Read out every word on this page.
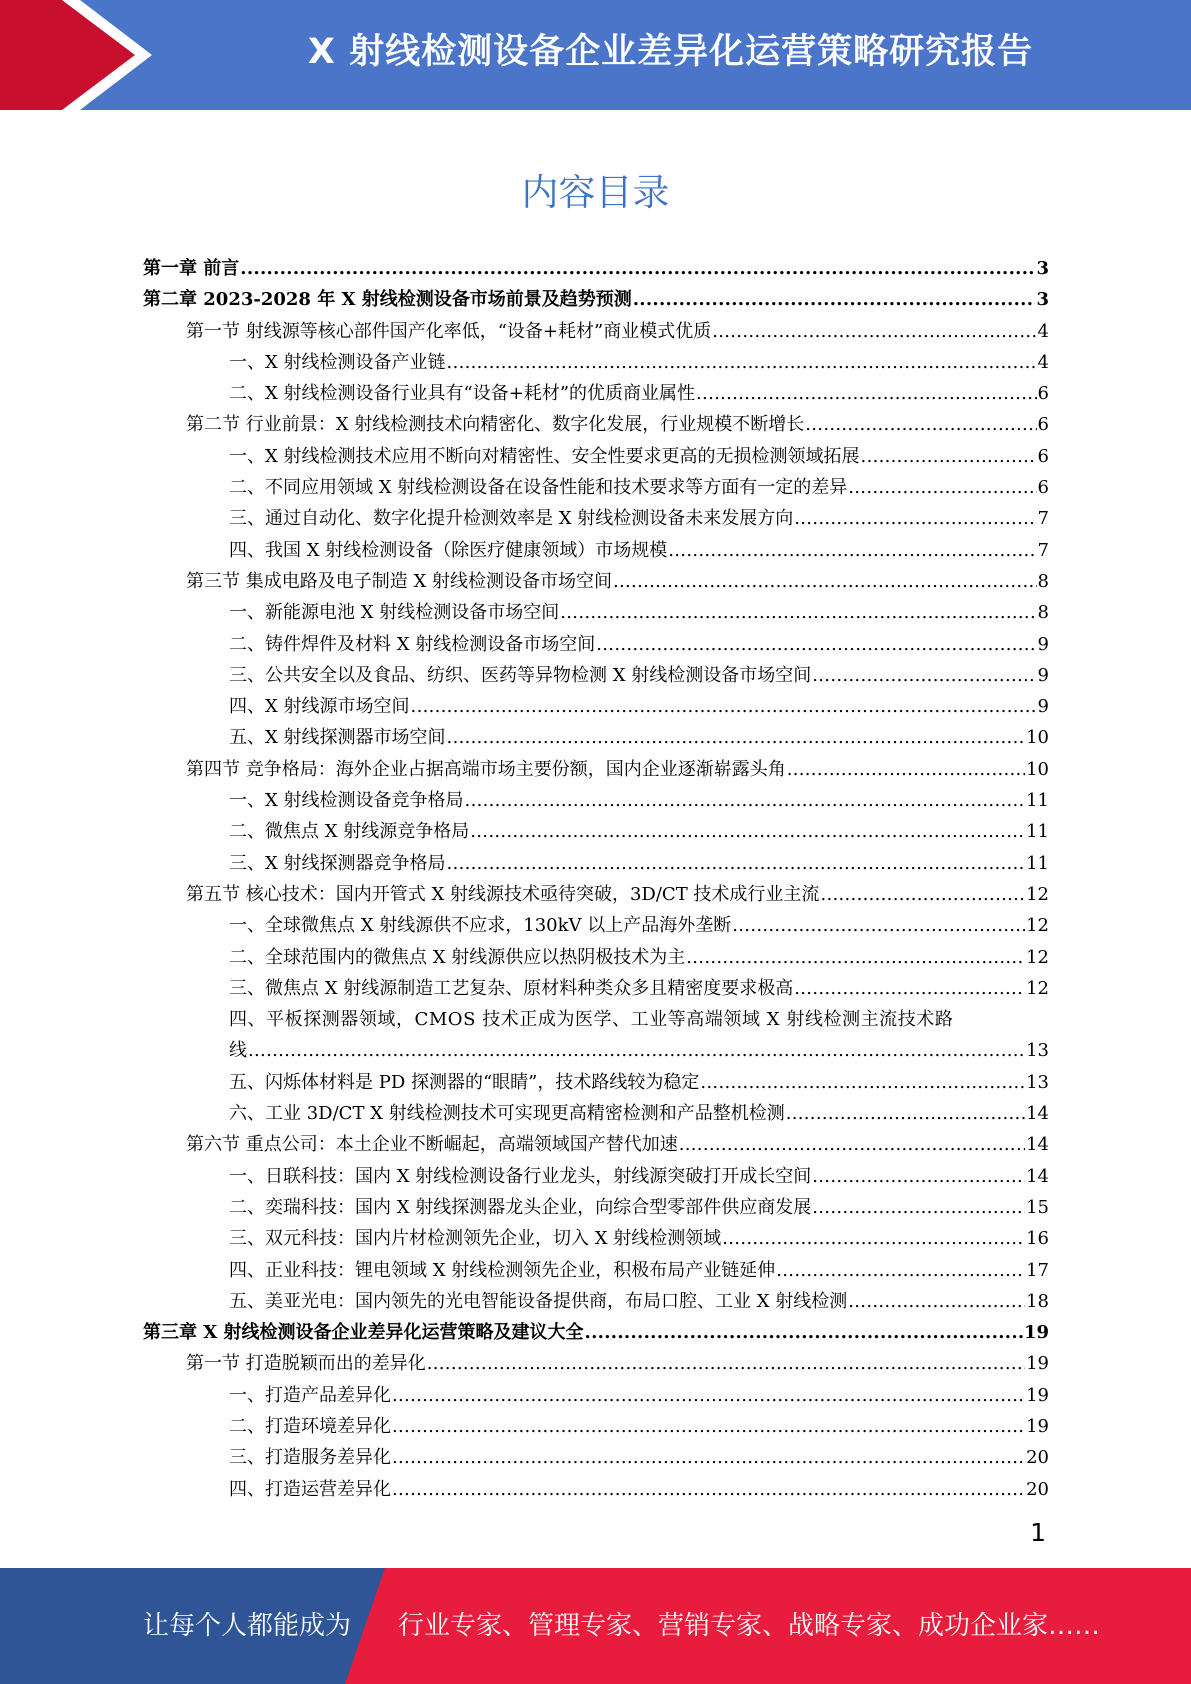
X 射线检测设备企业差异化运营策略研究报告
内容目录
第一章 前言 .....	3
第二章 2023-2028 年 X 射线检测设备市场前景及趋势预测 .....	3
第一节 射线源等核心部件国产化率低，“设备+耗材”商业模式优质 .....	4
一、X 射线检测设备产业链 .....	4
二、X 射线检测设备行业具有“设备+耗材”的优质商业属性 .....	6
第二节 行业前景：X 射线检测技术向精密化、数字化发展，行业规模不断增长 .....	6
一、X 射线检测技术应用不断向对精密性、安全性要求更高的无损检测领域拓展 .....	6
二、不同应用领域 X 射线检测设备在设备性能和技术要求等方面有一定的差异 .....	6
三、通过自动化、数字化提升检测效率是 X 射线检测设备未来发展方向 .....	7
四、我国 X 射线检测设备（除医疗健康领域）市场规模 .....	7
第三节 集成电路及电子制造 X 射线检测设备市场空间 .....	8
一、新能源电池 X 射线检测设备市场空间 .....	8
二、铸件焊件及材料 X 射线检测设备市场空间 .....	9
三、公共安全以及食品、纺织、医药等异物检测 X 射线检测设备市场空间 .....	9
四、X 射线源市场空间 .....	9
五、X 射线探测器市场空间 .....	10
第四节 竞争格局：海外企业占据高端市场主要份额，国内企业逐渐崭露头角 .....	10
一、X 射线检测设备竞争格局 .....	11
二、微焦点 X 射线源竞争格局 .....	11
三、X 射线探测器竞争格局 .....	11
第五节 核心技术：国内开管式 X 射线源技术亟待突破，3D/CT 技术成行业主流 .....	12
一、全球微焦点 X 射线源供不应求，130kV 以上产品海外垄断 .....	12
二、全球范围内的微焦点 X 射线源供应以热阴极技术为主 .....	12
三、微焦点 X 射线源制造工艺复杂、原材料种类众多且精密度要求极高 .....	12
四、平板探测器领域，CMOS 技术正成为医学、工业等高端领域 X 射线检测主流技术路
线 .....	13
五、闪烁体材料是 PD 探测器的“眼睛”，技术路线较为稳定 .....	13
六、工业 3D/CT X 射线检测技术可实现更高精密检测和产品整机检测 .....	14
第六节 重点公司：本土企业不断崛起，高端领域国产替代加速 .....	14
一、日联科技：国内 X 射线检测设备行业龙头，射线源突破打开成长空间 .....	14
二、奕瑞科技：国内 X 射线探测器龙头企业，向综合型零部件供应商发展 .....	15
三、双元科技：国内片材检测领先企业，切入 X 射线检测领域 .....	16
四、正业科技：锂电领域 X 射线检测领先企业，积极布局产业链延伸 .....	17
五、美亚光电：国内领先的光电智能设备提供商，布局口腔、工业 X 射线检测 .....	18
第三章 X 射线检测设备企业差异化运营策略及建议大全 .....	19
第一节 打造脱颖而出的差异化 .....	19
一、打造产品差异化 .....	19
二、打造环境差异化 .....	19
三、打造服务差异化 .....	20
四、打造运营差异化 .....	20
1
让每个人都能成为 行业专家、管理专家、营销专家、战略专家、成功企业家……
